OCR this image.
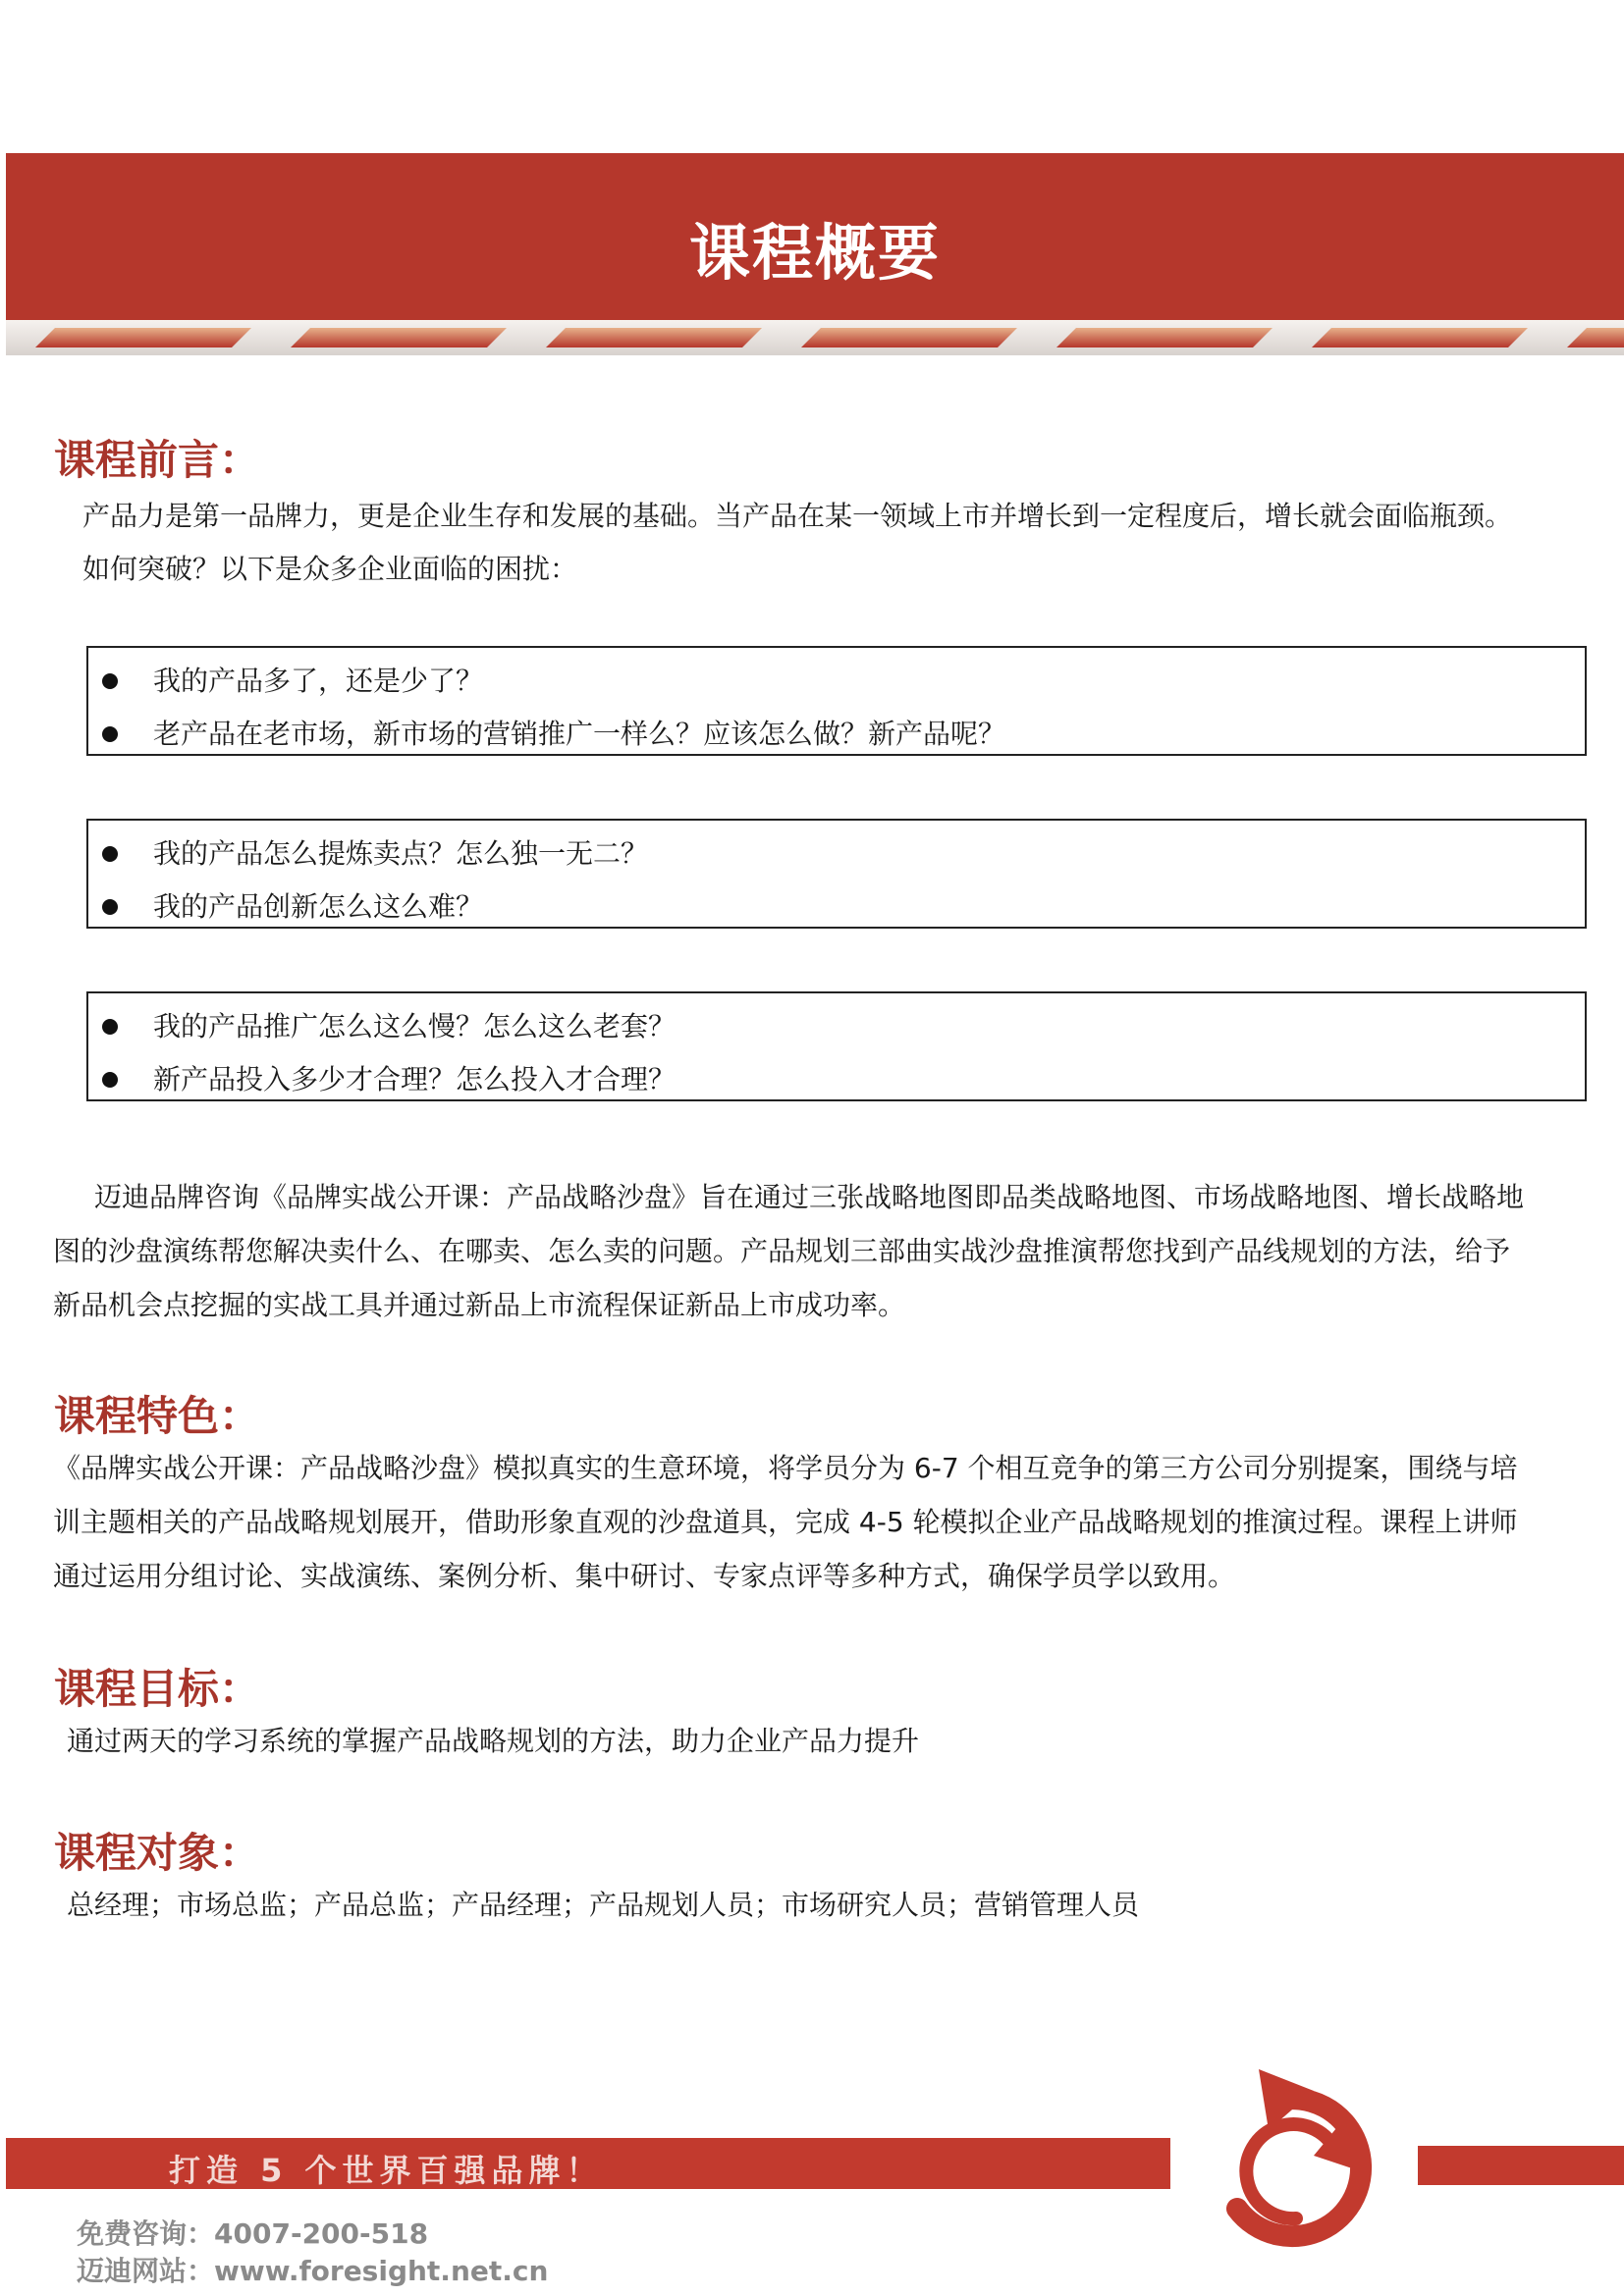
课程概要
课程前言：
产品力是第一品牌力，更是企业生存和发展的基础。当产品在某一领域上市并增长到一定程度后，增长就会面临瓶颈。
如何突破？以下是众多企业面临的困扰：
我的产品多了，还是少了？
老产品在老市场，新市场的营销推广一样么？应该怎么做？新产品呢？
我的产品怎么提炼卖点？怎么独一无二？
我的产品创新怎么这么难？
我的产品推广怎么这么慢？怎么这么老套？
新产品投入多少才合理？怎么投入才合理？
迈迪品牌咨询《品牌实战公开课：产品战略沙盘》旨在通过三张战略地图即品类战略地图、市场战略地图、增长战略地
图的沙盘演练帮您解决卖什么、在哪卖、怎么卖的问题。产品规划三部曲实战沙盘推演帮您找到产品线规划的方法，给予
新品机会点挖掘的实战工具并通过新品上市流程保证新品上市成功率。
课程特色：
《品牌实战公开课：产品战略沙盘》模拟真实的生意环境，将学员分为 6-7 个相互竞争的第三方公司分别提案，围绕与培
训主题相关的产品战略规划展开，借助形象直观的沙盘道具，完成 4-5 轮模拟企业产品战略规划的推演过程。课程上讲师
通过运用分组讨论、实战演练、案例分析、集中研讨、专家点评等多种方式，确保学员学以致用。
课程目标：
通过两天的学习系统的掌握产品战略规划的方法，助力企业产品力提升
课程对象：
总经理；市场总监；产品总监；产品经理；产品规划人员；市场研究人员；营销管理人员
打造 5 个世界百强品牌！
免费咨询：4007-200-518
迈迪网站：www.foresight.net.cn
